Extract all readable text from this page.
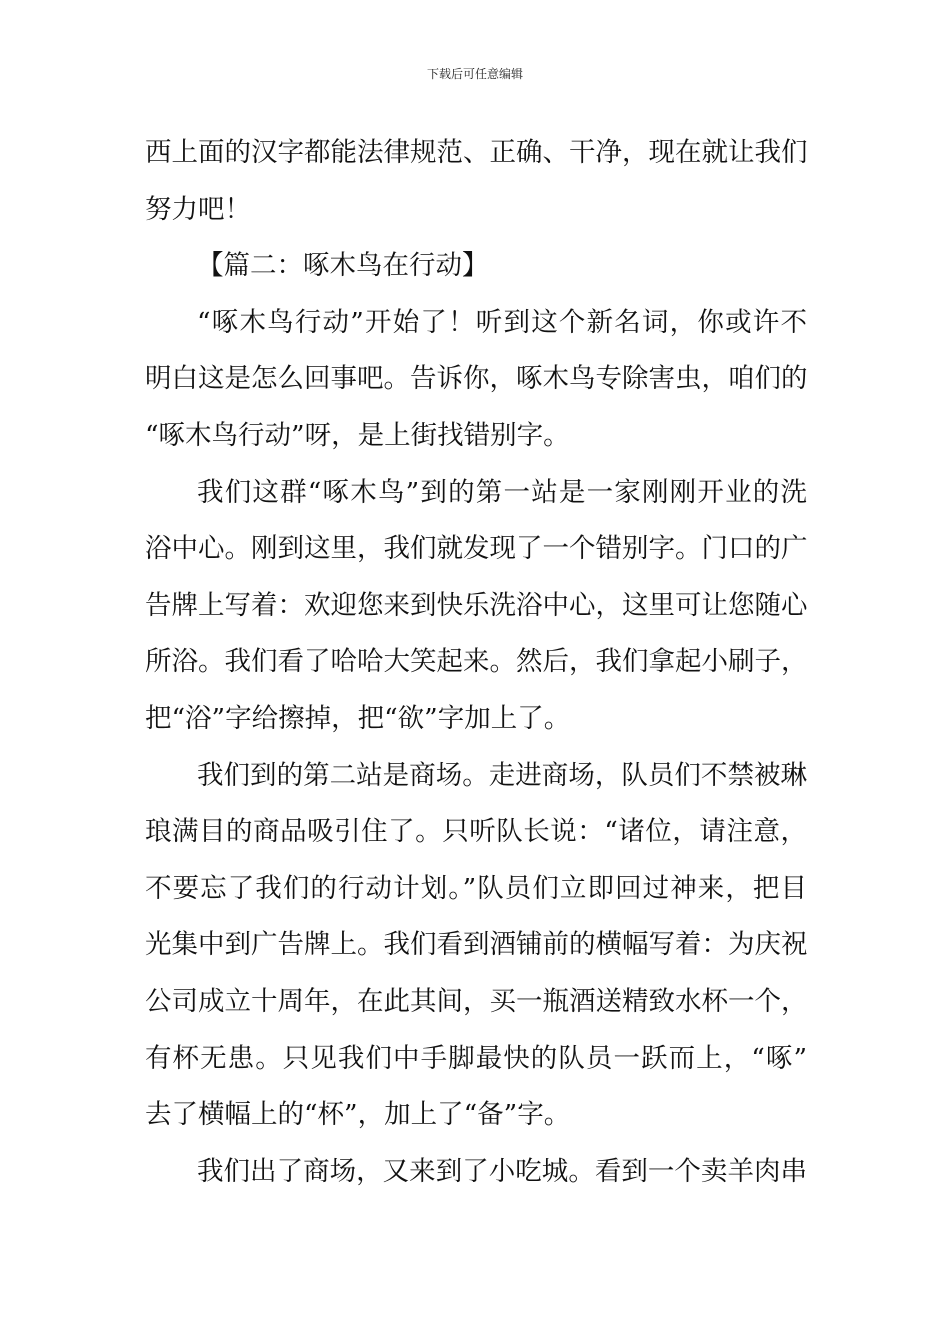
下载后可任意编辑
西上面的汉字都能法律规范、正确、干净，现在就让我们
努力吧！
【篇二：啄木鸟在行动】
“啄木鸟行动”开始了！听到这个新名词，你或许不
明白这是怎么回事吧。告诉你，啄木鸟专除害虫，咱们的
“啄木鸟行动”呀，是上街找错别字。
我们这群“啄木鸟”到的第一站是一家刚刚开业的洗
浴中心。刚到这里，我们就发现了一个错别字。门口的广
告牌上写着：欢迎您来到快乐洗浴中心，这里可让您随心
所浴。我们看了哈哈大笑起来。然后，我们拿起小刷子，
把“浴”字给擦掉，把“欲”字加上了。
我们到的第二站是商场。走进商场，队员们不禁被琳
琅满目的商品吸引住了。只听队长说：“诸位，请注意，
不要忘了我们的行动计划。”队员们立即回过神来，把目
光集中到广告牌上。我们看到酒铺前的横幅写着：为庆祝
公司成立十周年，在此其间，买一瓶酒送精致水杯一个，
有杯无患。只见我们中手脚最快的队员一跃而上，“啄”
去了横幅上的“杯”，加上了“备”字。
我们出了商场，又来到了小吃城。看到一个卖羊肉串
